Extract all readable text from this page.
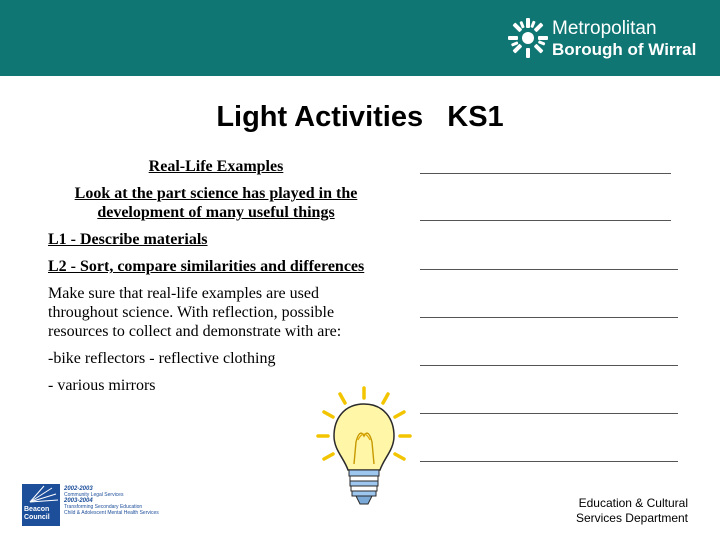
Metropolitan
Borough of Wirral
Light Activities   KS1

Real-Life Examples

Look at the part science has played in the development of many useful things

L1 - Describe materials

L2 - Sort, compare similarities and differences

Make sure that real-life examples are used throughout science. With reflection, possible resources to collect and demonstrate with are:

-bike reflectors - reflective clothing

- various mirrors

Beacon Council
2002-2003
Community Legal Services
2003-2004
Transforming Secondary Education
Child & Adolescent Mental Health Services
Education & Cultural
Services Department
